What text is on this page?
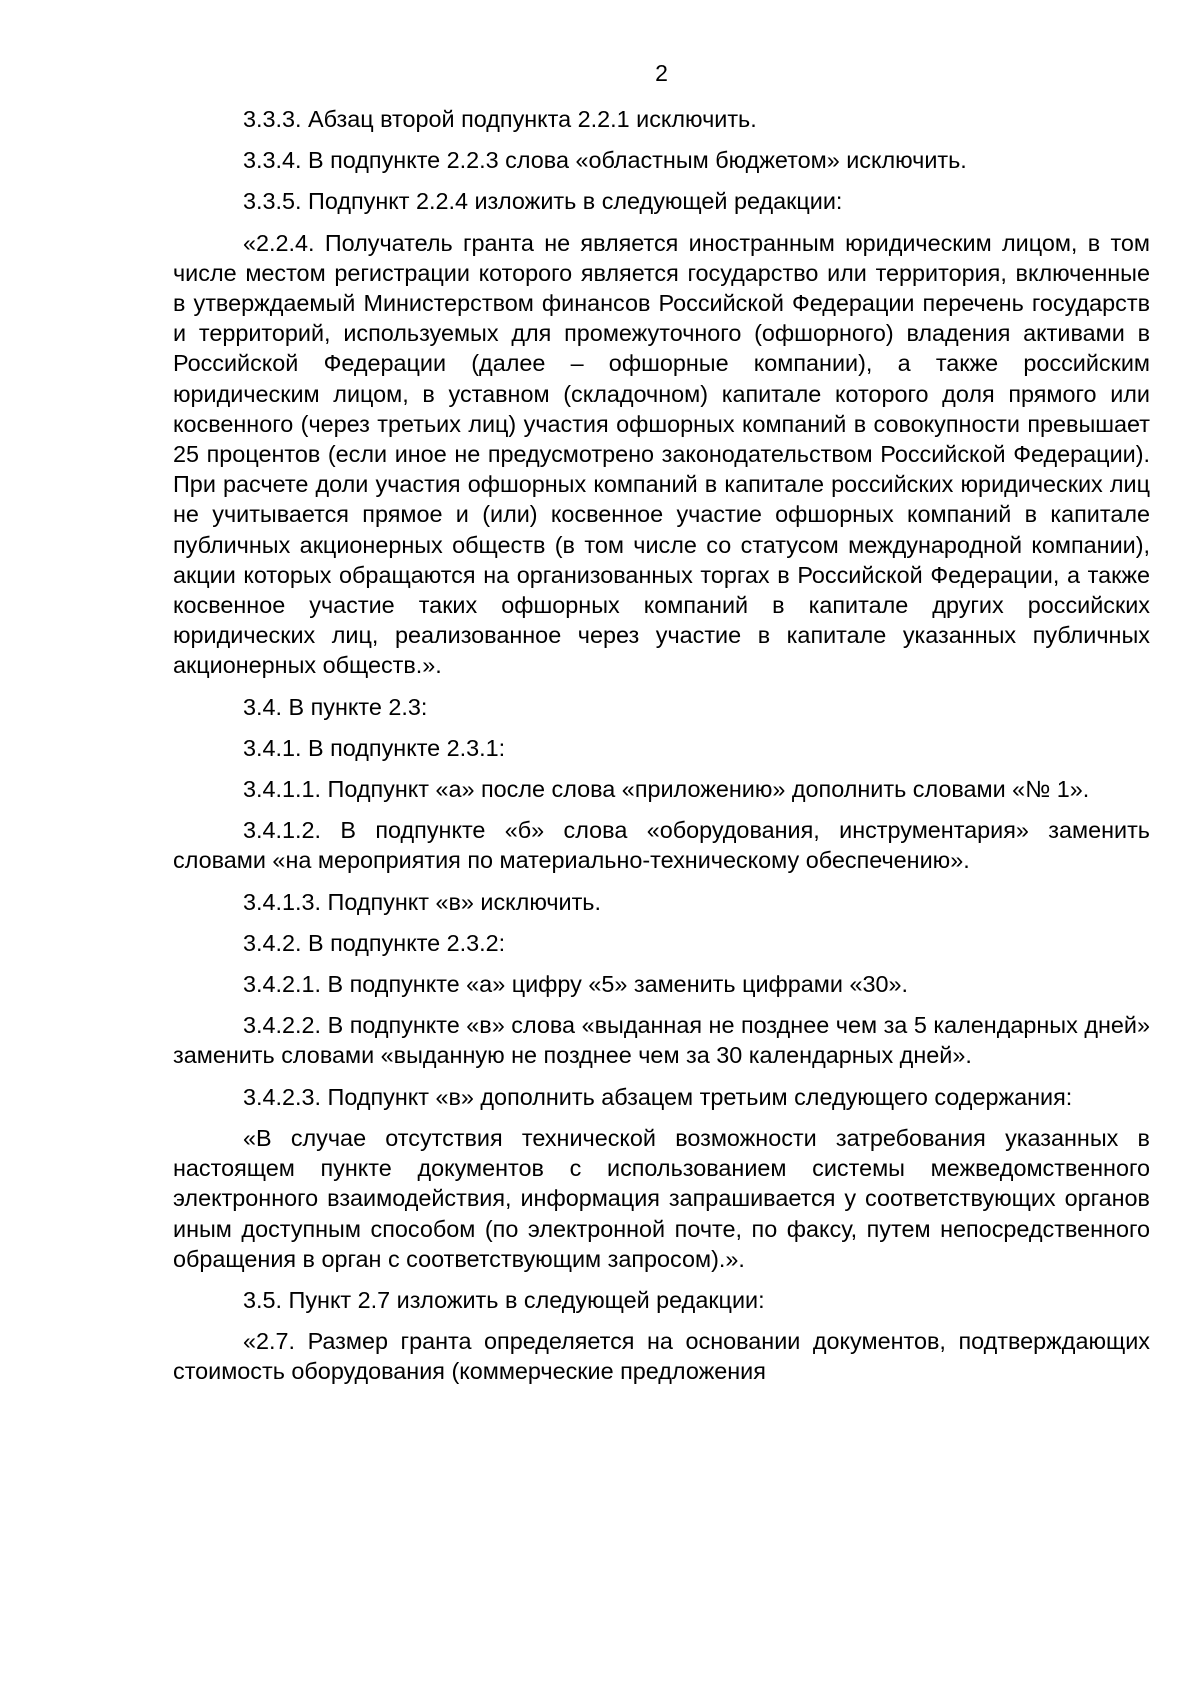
2

3.3.3. Абзац второй подпункта 2.2.1 исключить.

3.3.4. В подпункте 2.2.3 слова «областным бюджетом» исключить.

3.3.5. Подпункт 2.2.4 изложить в следующей редакции:

«2.2.4. Получатель гранта не является иностранным юридическим лицом, в том числе местом регистрации которого является государство или территория, включенные в утверждаемый Министерством финансов Российской Федерации перечень государств и территорий, используемых для промежуточного (офшорного) владения активами в Российской Федерации (далее – офшорные компании), а также российским юридическим лицом, в уставном (складочном) капитале которого доля прямого или косвенного (через третьих лиц) участия офшорных компаний в совокупности превышает 25 процентов (если иное не предусмотрено законодательством Российской Федерации). При расчете доли участия офшорных компаний в капитале российских юридических лиц не учитывается прямое и (или) косвенное участие офшорных компаний в капитале публичных акционерных обществ (в том числе со статусом международной компании), акции которых обращаются на организованных торгах в Российской Федерации, а также косвенное участие таких офшорных компаний в капитале других российских юридических лиц, реализованное через участие в капитале указанных публичных акционерных обществ.».

3.4. В пункте 2.3:

3.4.1. В подпункте 2.3.1:

3.4.1.1. Подпункт «а» после слова «приложению» дополнить словами «№ 1».

3.4.1.2. В подпункте «б» слова «оборудования, инструментария» заменить словами «на мероприятия по материально-техническому обеспечению».

3.4.1.3. Подпункт «в» исключить.

3.4.2. В подпункте 2.3.2:

3.4.2.1. В подпункте «а» цифру «5» заменить цифрами «30».

3.4.2.2. В подпункте «в» слова «выданная не позднее чем за 5 календарных дней» заменить словами «выданную не позднее чем за 30 календарных дней».

3.4.2.3. Подпункт «в» дополнить абзацем третьим следующего содержания:

«В случае отсутствия технической возможности затребования указанных в настоящем пункте документов с использованием системы межведомственного электронного взаимодействия, информация запрашивается у соответствующих органов иным доступным способом (по электронной почте, по факсу, путем непосредственного обращения в орган с соответствующим запросом).».

3.5. Пункт 2.7 изложить в следующей редакции:

«2.7. Размер гранта определяется на основании документов, подтверждающих стоимость оборудования (коммерческие предложения
